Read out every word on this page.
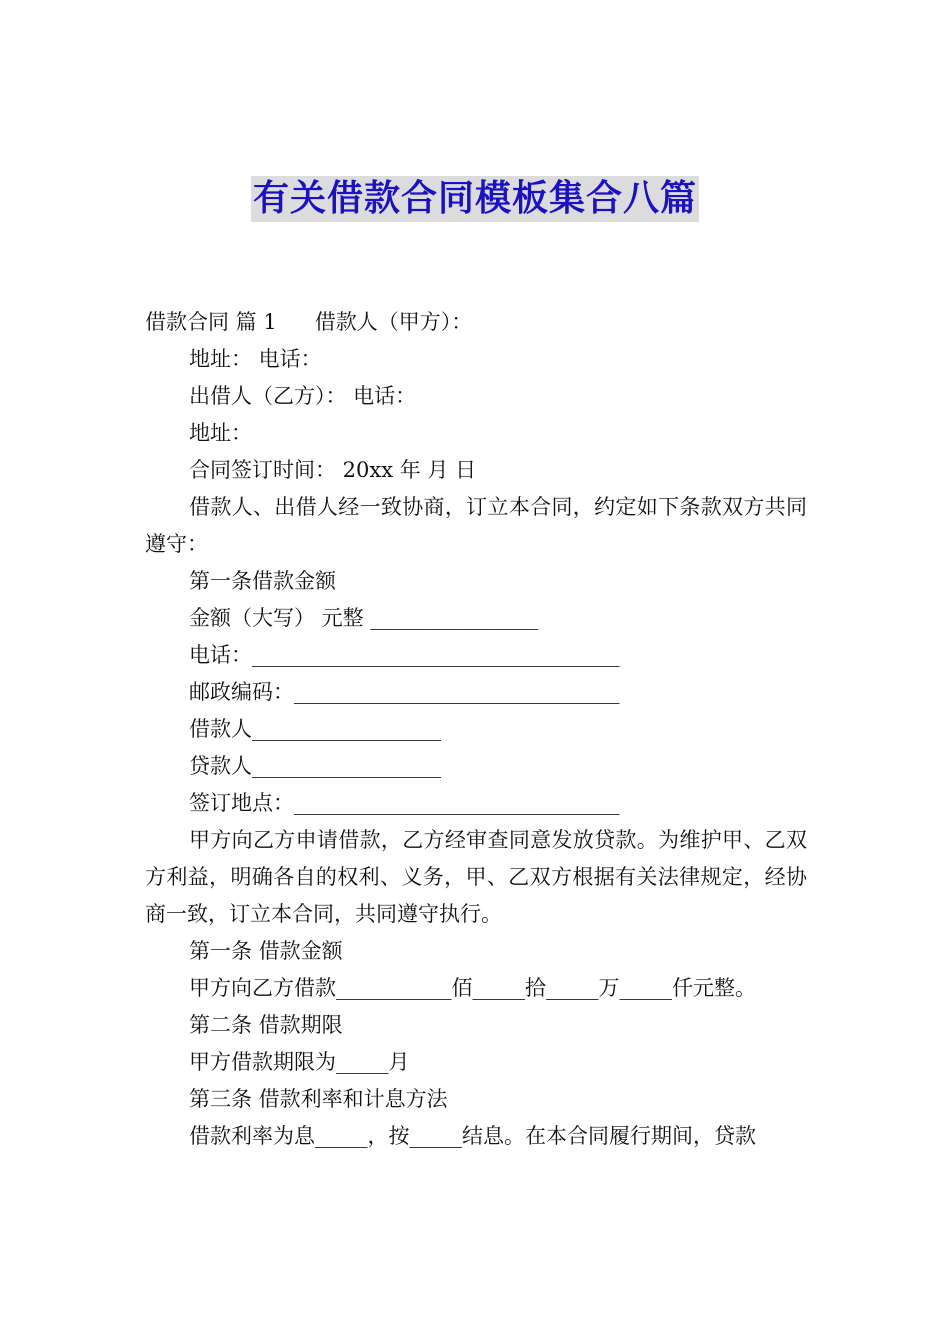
有关借款合同模板集合八篇
借款合同 篇 1 借款人（甲方）：
地址： 电话：
出借人（乙方）： 电话：
地址：
合同签订时间： 20xx 年 月 日

借款人、出借人经一致协商，订立本合同，约定如下条款双方共同遵守：

第一条借款金额
金额（大写） 元整 ________________
电话：___________________________________
邮政编码：_______________________________
借款人__________________
贷款人__________________
签订地点：_______________________________

甲方向乙方申请借款，乙方经审查同意发放贷款。为维护甲、乙双方利益，明确各自的权利、义务，甲、乙双方根据有关法律规定，经协商一致，订立本合同，共同遵守执行。

第一条 借款金额

甲方向乙方借款___________佰_____拾_____万_____仟元整。

第二条 借款期限
甲方借款期限为_____月
第三条 借款利率和计息方法

借款利率为息_____，按_____结息。在本合同履行期间，贷款
